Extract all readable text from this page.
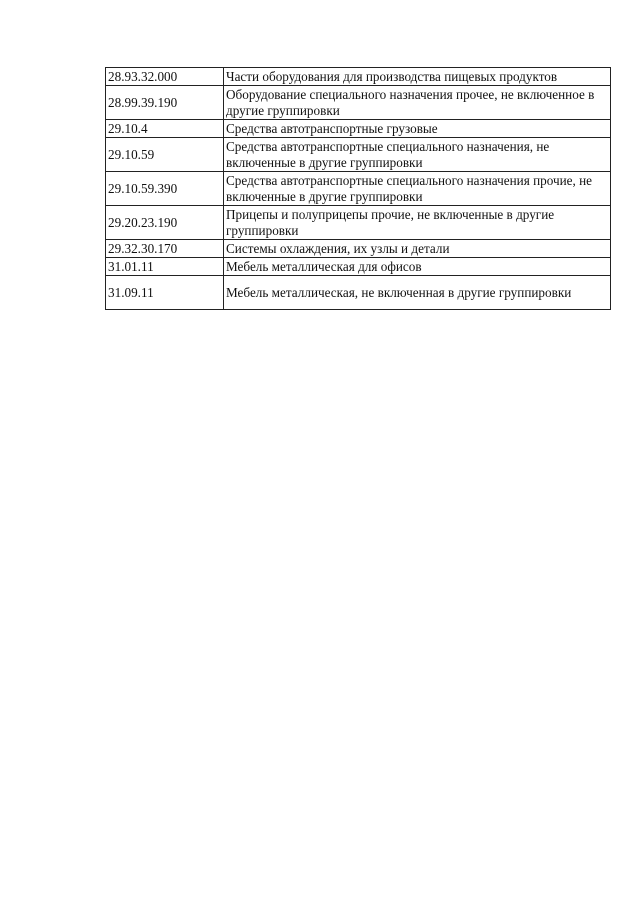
28.93.32.000	Части оборудования для производства пищевых продуктов
28.99.39.190	Оборудование специального назначения прочее, не включенное в другие группировки
29.10.4	Средства автотранспортные грузовые
29.10.59	Средства автотранспортные специального назначения, не включенные в другие группировки
29.10.59.390	Средства автотранспортные специального назначения прочие, не включенные в другие группировки
29.20.23.190	Прицепы и полуприцепы прочие, не включенные в другие группировки
29.32.30.170	Системы охлаждения, их узлы и детали
31.01.11	Мебель металлическая для офисов
31.09.11	Мебель металлическая, не включенная в другие группировки
